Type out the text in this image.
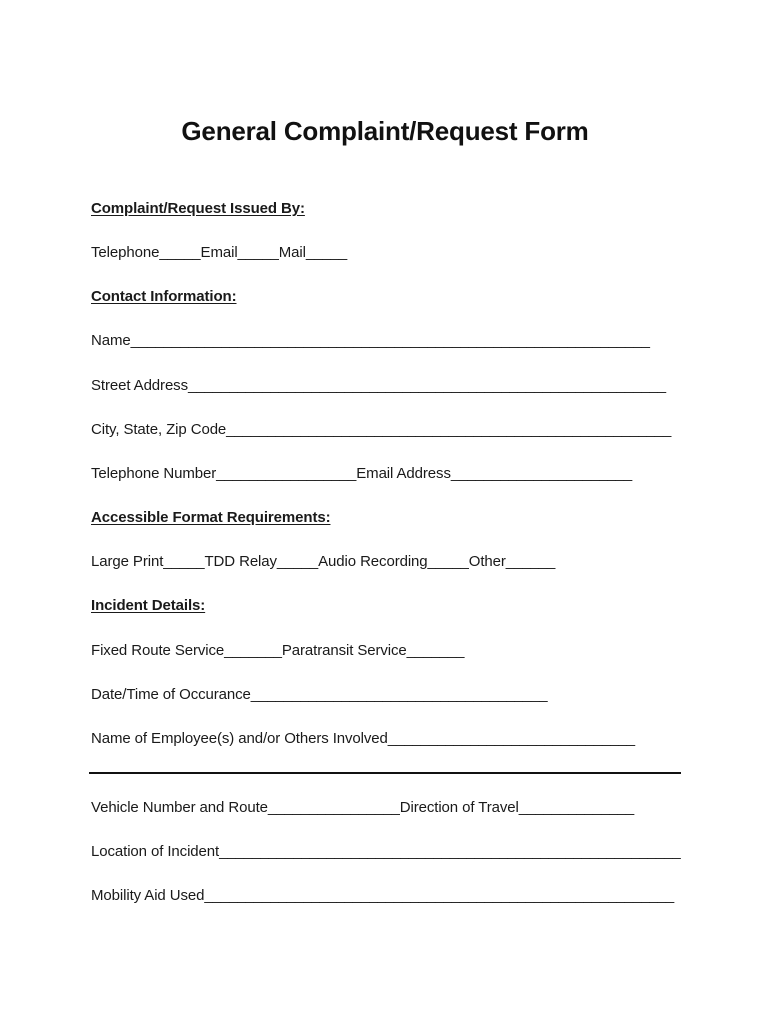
General Complaint/Request Form
Complaint/Request Issued By:
Telephone_____Email_____Mail_____
Contact Information:
Name_______________________________________________________________
Street Address__________________________________________________________
City, State, Zip Code______________________________________________________
Telephone Number_________________Email Address______________________
Accessible Format Requirements:
Large Print_____TDD Relay_____Audio Recording_____Other______
Incident Details:
Fixed Route Service_______Paratransit Service_______
Date/Time of Occurance____________________________________
Name of Employee(s) and/or Others Involved______________________________
Vehicle Number and Route________________Direction of Travel______________
Location of Incident________________________________________________________
Mobility Aid Used_________________________________________________________
